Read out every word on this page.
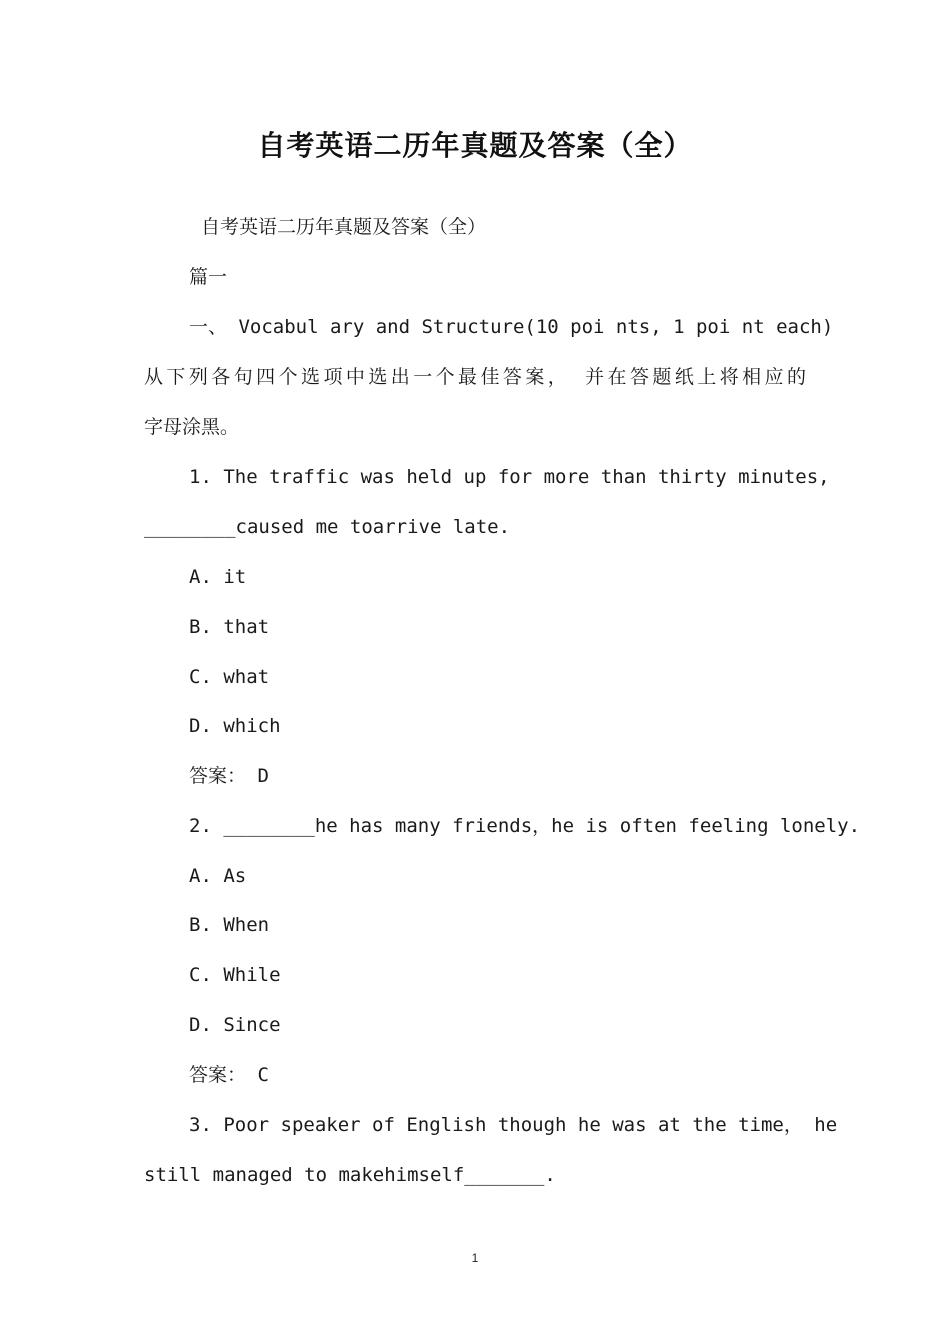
自考英语二历年真题及答案（全）
自考英语二历年真题及答案（全）
篇一
一、 Vocabul ary and Structure(10 poi nts, 1 poi nt each)
从下列各句四个选项中选出一个最佳答案， 并在答题纸上将相应的
字母涂黑。
1. The traffic was held up for more than thirty minutes,
________caused me toarrive late.
A. it
B. that
C. what
D. which
答案： D
2. ________he has many friends，he is often feeling lonely.
A. As
B. When
C. While
D. Since
答案： C
3. Poor speaker of English though he was at the time， he
still managed to makehimself_______.
1
